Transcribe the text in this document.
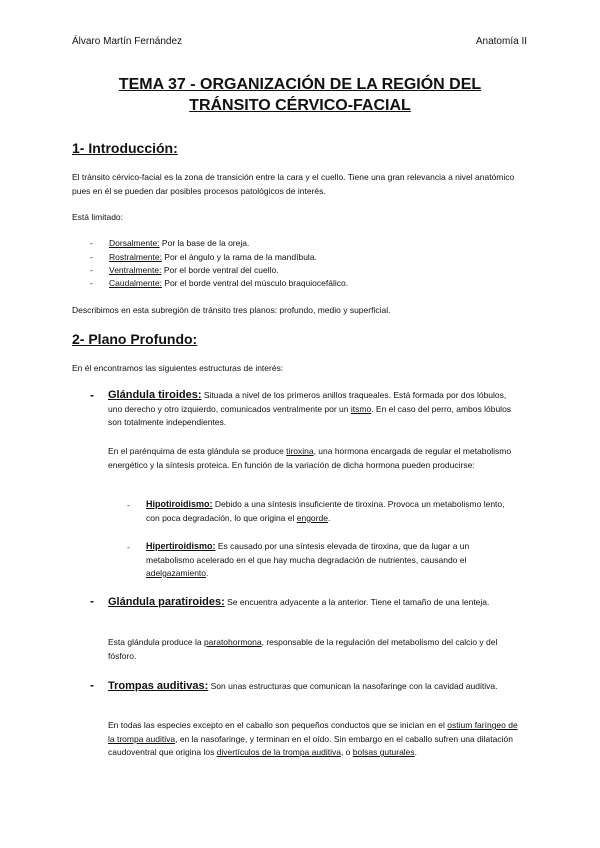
Álvaro Martín Fernández	Anatomía II
TEMA 37 - ORGANIZACIÓN DE LA REGIÓN DEL
TRÁNSITO CÉRVICO-FACIAL
1- Introducción:
El tránsito cérvico-facial es la zona de transición entre la cara y el cuello. Tiene una gran relevancia a nivel anatómico pues en él se pueden dar posibles procesos patológicos de interés.
Está limitado:
- Dorsalmente: Por la base de la oreja.
- Rostralmente: Por el ángulo y la rama de la mandíbula.
- Ventralmente: Por el borde ventral del cuello.
- Caudalmente: Por el borde ventral del músculo braquiocefálico.
Describimos en esta subregión de tránsito tres planos: profundo, medio y superficial.
2- Plano Profundo:
En él encontramos las siguientes estructuras de interés:
- Glándula tiroides: Situada a nivel de los primeros anillos traqueales. Está formada por dos lóbulos, uno derecho y otro izquierdo, comunicados ventralmente por un itsmo. En el caso del perro, ambos lóbulos son totalmente independientes.
En el parénquima de esta glándula se produce tiroxina, una hormona encargada de regular el metabolismo energético y la síntesis proteica. En función de la variación de dicha hormona pueden producirse:
- Hipotiroidismo: Debido a una síntesis insuficiente de tiroxina. Provoca un metabolismo lento, con poca degradación, lo que origina el engorde.
- Hipertiroidismo: Es causado por una síntesis elevada de tiroxina, que da lugar a un metabolismo acelerado en el que hay mucha degradación de nutrientes, causando el adelgazamiento.
- Glándula paratiroides: Se encuentra adyacente a la anterior. Tiene el tamaño de una lenteja.
Esta glándula produce la paratohormona, responsable de la regulación del metabolismo del calcio y del fósforo.
- Trompas auditivas: Son unas estructuras que comunican la nasofaringe con la cavidad auditiva.
En todas las especies excepto en el caballo son pequeños conductos que se inician en el ostium faríngeo de la trompa auditiva, en la nasofaringe, y terminan en el oído. Sin embargo en el caballo sufren una dilatación caudoventral que origina los divertículos de la trompa auditiva, o bolsas guturales.
